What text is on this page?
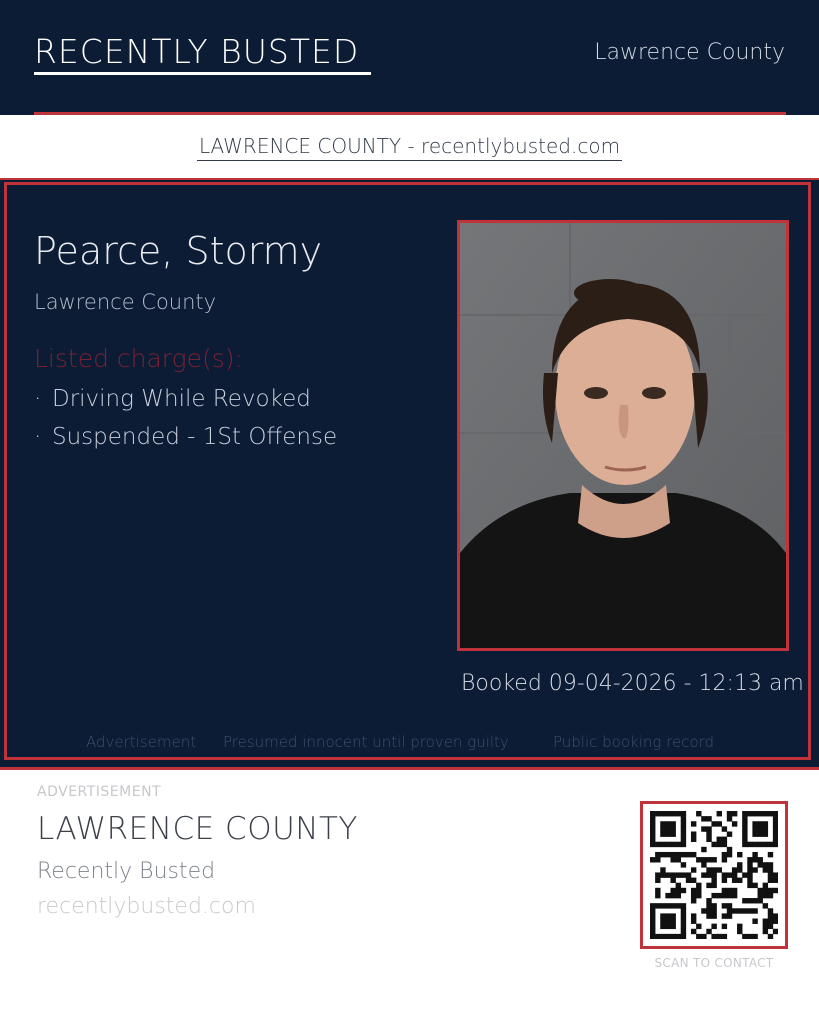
RECENTLY BUSTED	Lawrence County
LAWRENCE COUNTY - recentlybusted.com
Pearce, Stormy
Lawrence County
Listed charge(s):
· Driving While Revoked
· Suspended - 1St Offense
Booked 09-04-2026 - 12:13 am
Advertisement Presumed innocent until proven guilty	Public booking record
ADVERTISEMENT
LAWRENCE COUNTY
Recently Busted
recentlybusted.com
SCAN TO CONTACT
